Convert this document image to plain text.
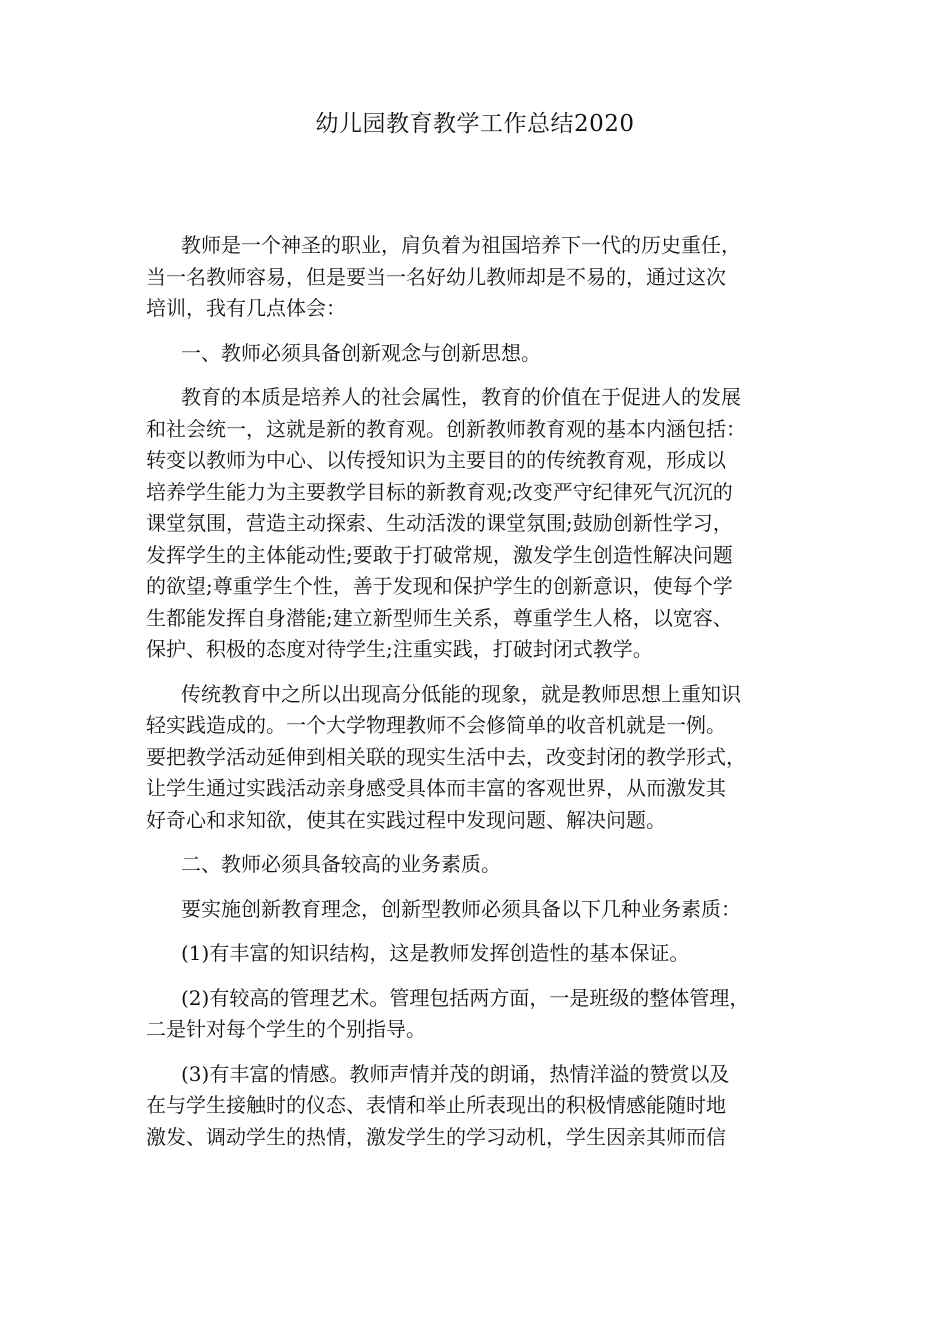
幼儿园教育教学工作总结2020

教师是一个神圣的职业，肩负着为祖国培养下一代的历史重任，
当一名教师容易，但是要当一名好幼儿教师却是不易的，通过这次
培训，我有几点体会：

一、教师必须具备创新观念与创新思想。

教育的本质是培养人的社会属性，教育的价值在于促进人的发展
和社会统一，这就是新的教育观。创新教师教育观的基本内涵包括：
转变以教师为中心、以传授知识为主要目的的传统教育观，形成以
培养学生能力为主要教学目标的新教育观;改变严守纪律死气沉沉的
课堂氛围，营造主动探索、生动活泼的课堂氛围;鼓励创新性学习，
发挥学生的主体能动性;要敢于打破常规，激发学生创造性解决问题
的欲望;尊重学生个性，善于发现和保护学生的创新意识，使每个学
生都能发挥自身潜能;建立新型师生关系，尊重学生人格，以宽容、
保护、积极的态度对待学生;注重实践，打破封闭式教学。

传统教育中之所以出现高分低能的现象，就是教师思想上重知识
轻实践造成的。一个大学物理教师不会修简单的收音机就是一例。
要把教学活动延伸到相关联的现实生活中去，改变封闭的教学形式，
让学生通过实践活动亲身感受具体而丰富的客观世界，从而激发其
好奇心和求知欲，使其在实践过程中发现问题、解决问题。

二、教师必须具备较高的业务素质。

要实施创新教育理念，创新型教师必须具备以下几种业务素质：

(1)有丰富的知识结构，这是教师发挥创造性的基本保证。

(2)有较高的管理艺术。管理包括两方面，一是班级的整体管理，
二是针对每个学生的个别指导。

(3)有丰富的情感。教师声情并茂的朗诵，热情洋溢的赞赏以及
在与学生接触时的仪态、表情和举止所表现出的积极情感能随时地
激发、调动学生的热情，激发学生的学习动机，学生因亲其师而信
